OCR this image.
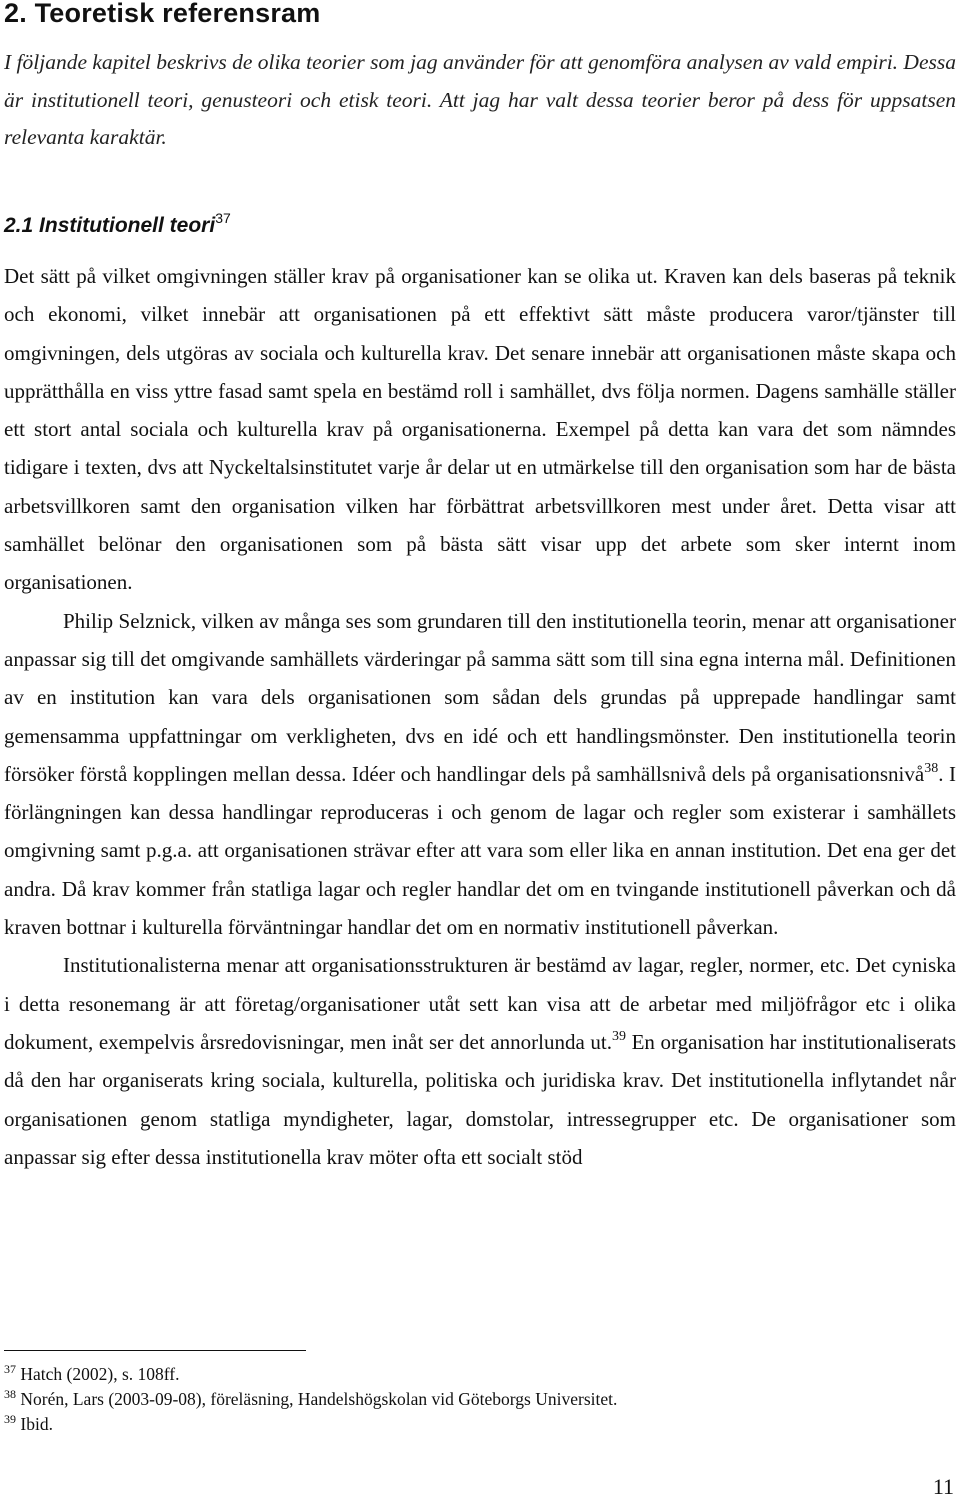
2. Teoretisk referensram

I följande kapitel beskrivs de olika teorier som jag använder för att genomföra analysen av vald empiri. Dessa är institutionell teori, genusteori och etisk teori. Att jag har valt dessa teorier beror på dess för uppsatsen relevanta karaktär.

2.1 Institutionell teori$^{37}$

Det sätt på vilket omgivningen ställer krav på organisationer kan se olika ut. Kraven kan dels baseras på teknik och ekonomi, vilket innebär att organisationen på ett effektivt sätt måste producera varor/tjänster till omgivningen, dels utgöras av sociala och kulturella krav. Det senare innebär att organisationen måste skapa och upprätthålla en viss yttre fasad samt spela en bestämd roll i samhället, dvs följa normen. Dagens samhälle ställer ett stort antal sociala och kulturella krav på organisationerna. Exempel på detta kan vara det som nämndes tidigare i texten, dvs att Nyckeltalsinstitutet varje år delar ut en utmärkelse till den organisation som har de bästa arbetsvillkoren samt den organisation vilken har förbättrat arbetsvillkoren mest under året. Detta visar att samhället belönar den organisationen som på bästa sätt visar upp det arbete som sker internt inom organisationen.

Philip Selznick, vilken av många ses som grundaren till den institutionella teorin, menar att organisationer anpassar sig till det omgivande samhällets värderingar på samma sätt som till sina egna interna mål. Definitionen av en institution kan vara dels organisationen som sådan dels grundas på upprepade handlingar samt gemensamma uppfattningar om verkligheten, dvs en idé och ett handlingsmönster. Den institutionella teorin försöker förstå kopplingen mellan dessa. Idéer och handlingar dels på samhällsnivå dels på organisationsnivå$^{38}$. I förlängningen kan dessa handlingar reproduceras i och genom de lagar och regler som existerar i samhällets omgivning samt p.g.a. att organisationen strävar efter att vara som eller lika en annan institution. Det ena ger det andra. Då krav kommer från statliga lagar och regler handlar det om en tvingande institutionell påverkan och då kraven bottnar i kulturella förväntningar handlar det om en normativ institutionell påverkan.

Institutionalisterna menar att organisationsstrukturen är bestämd av lagar, regler, normer, etc. Det cyniska i detta resonemang är att företag/organisationer utåt sett kan visa att de arbetar med miljöfrågor etc i olika dokument, exempelvis årsredovisningar, men inåt ser det annorlunda ut.$^{39}$ En organisation har institutionaliserats då den har organiserats kring sociala, kulturella, politiska och juridiska krav. Det institutionella inflytandet når organisationen genom statliga myndigheter, lagar, domstolar, intressegrupper etc. De organisationer som anpassar sig efter dessa institutionella krav möter ofta ett socialt stöd

$^{37}$ Hatch (2002), s. 108ff.

$^{38}$ Norén, Lars (2003-09-08), föreläsning, Handelshögskolan vid Göteborgs Universitet.

$^{39}$ Ibid.

11
